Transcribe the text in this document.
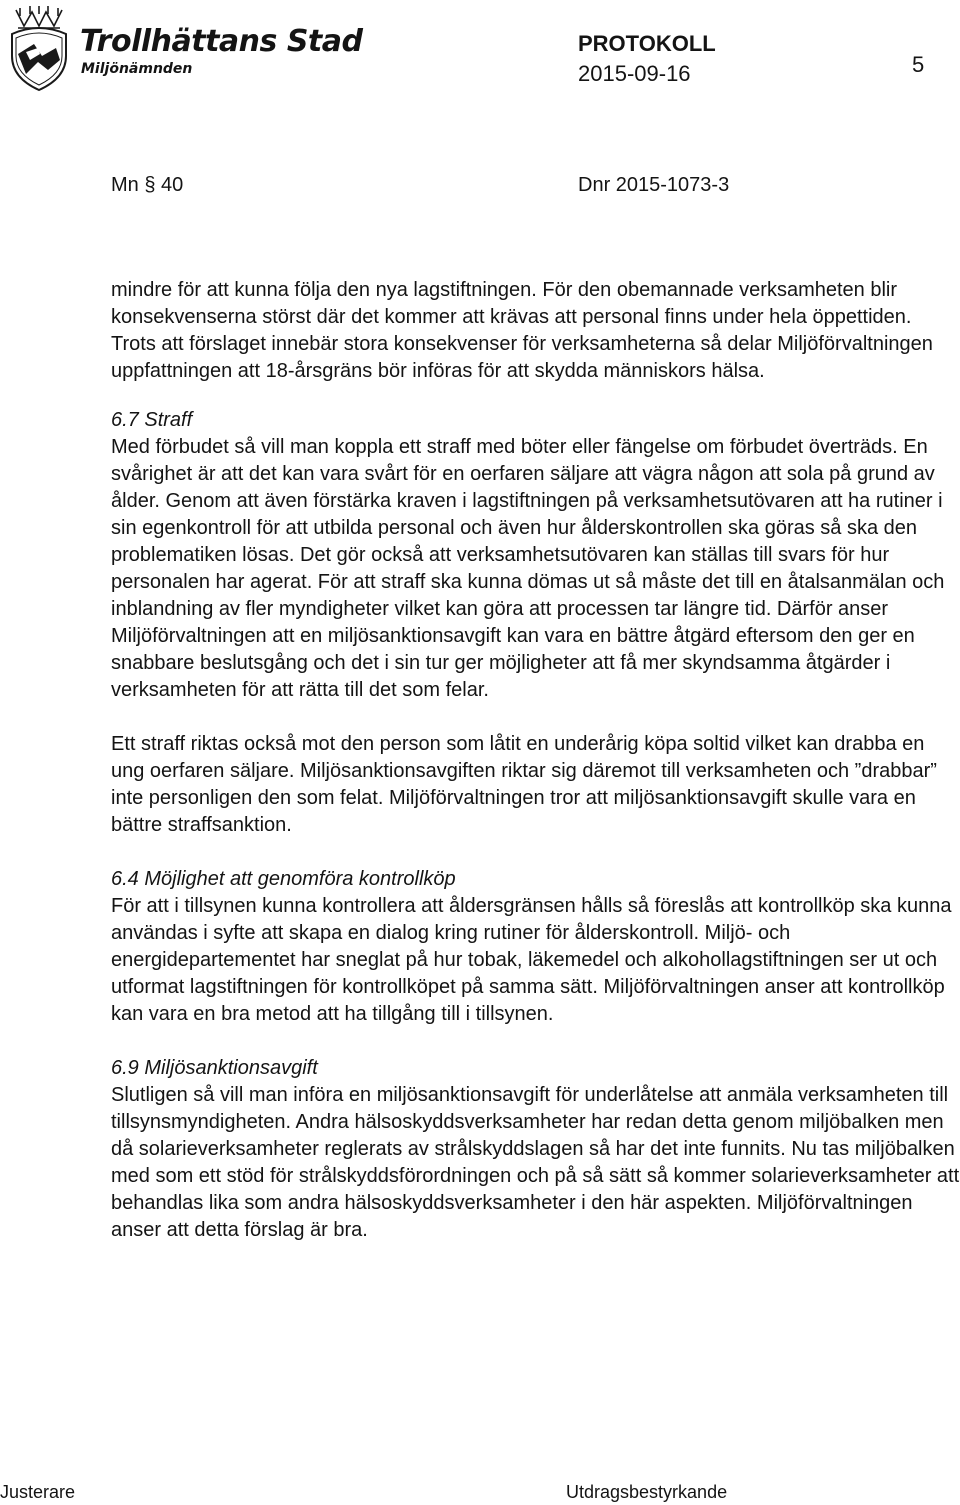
Trollhättans Stad
Miljönämnden
PROTOKOLL
2015-09-16	5
Mn § 40	Dnr 2015-1073-3

mindre för att kunna följa den nya lagstiftningen. För den obemannade verksamheten blir konsekvenserna störst där det kommer att krävas att personal finns under hela öppettiden. Trots att förslaget innebär stora konsekvenser för verksamheterna så delar Miljöförvaltningen uppfattningen att 18-årsgräns bör införas för att skydda människors hälsa.

6.7 Straff

Med förbudet så vill man koppla ett straff med böter eller fängelse om förbudet överträds. En svårighet är att det kan vara svårt för en oerfaren säljare att vägra någon att sola på grund av ålder. Genom att även förstärka kraven i lagstiftningen på verksamhetsutövaren att ha rutiner i sin egenkontroll för att utbilda personal och även hur ålderskontrollen ska göras så ska den problematiken lösas. Det gör också att verksamhetsutövaren kan ställas till svars för hur personalen har agerat. För att straff ska kunna dömas ut så måste det till en åtalsanmälan och inblandning av fler myndigheter vilket kan göra att processen tar längre tid. Därför anser Miljöförvaltningen att en miljösanktionsavgift kan vara en bättre åtgärd eftersom den ger en snabbare beslutsgång och det i sin tur ger möjligheter att få mer skyndsamma åtgärder i verksamheten för att rätta till det som felar.

Ett straff riktas också mot den person som låtit en underårig köpa soltid vilket kan drabba en ung oerfaren säljare. Miljösanktionsavgiften riktar sig däremot till verksamheten och ”drabbar” inte personligen den som felat. Miljöförvaltningen tror att miljösanktionsavgift skulle vara en bättre straffsanktion.

6.4 Möjlighet att genomföra kontrollköp

För att i tillsynen kunna kontrollera att åldersgränsen hålls så föreslås att kontrollköp ska kunna användas i syfte att skapa en dialog kring rutiner för ålderskontroll. Miljö- och energidepartementet har sneglat på hur tobak, läkemedel och alkohollagstiftningen ser ut och utformat lagstiftningen för kontrollköpet på samma sätt. Miljöförvaltningen anser att kontrollköp kan vara en bra metod att ha tillgång till i tillsynen.

6.9 Miljösanktionsavgift

Slutligen så vill man införa en miljösanktionsavgift för underlåtelse att anmäla verksamheten till tillsynsmyndigheten. Andra hälsoskyddsverksamheter har redan detta genom miljöbalken men då solarieverksamheter reglerats av strålskyddslagen så har det inte funnits. Nu tas miljöbalken med som ett stöd för strålskyddsförordningen och på så sätt så kommer solarieverksamheter att behandlas lika som andra hälsoskyddsverksamheter i den här aspekten. Miljöförvaltningen anser att detta förslag är bra.

Justerare	Utdragsbestyrkande
